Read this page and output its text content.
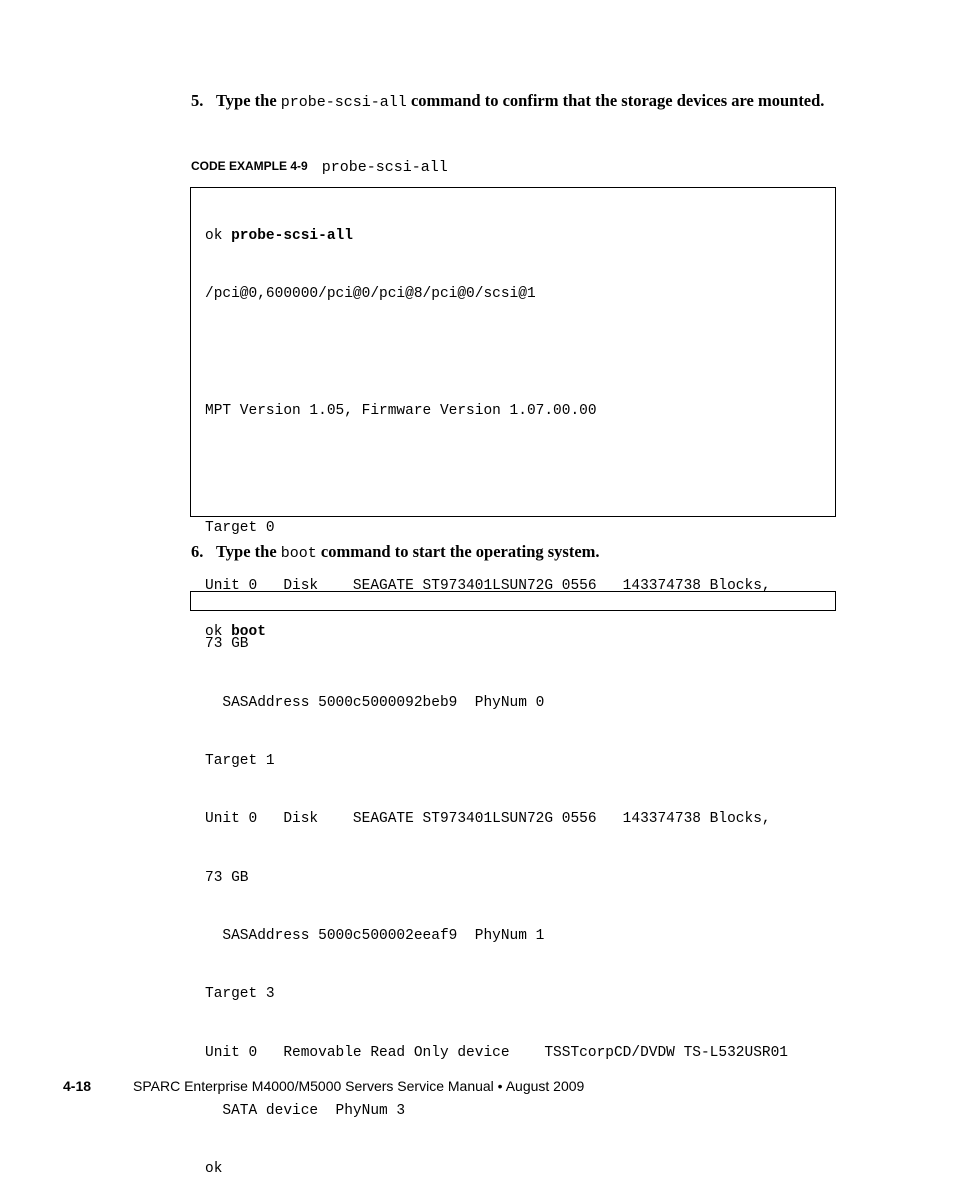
5. Type the probe-scsi-all command to confirm that the storage devices are mounted.
CODE EXAMPLE 4-9 probe-scsi-all

ok probe-scsi-all

/pci@0,600000/pci@0/pci@8/pci@0/scsi@1

MPT Version 1.05, Firmware Version 1.07.00.00

Target 0

Unit 0   Disk    SEAGATE ST973401LSUN72G 0556   143374738 Blocks,

73 GB

SASAddress 5000c5000092beb9  PhyNum 0

Target 1

Unit 0   Disk    SEAGATE ST973401LSUN72G 0556   143374738 Blocks,

73 GB

SASAddress 5000c500002eeaf9  PhyNum 1

Target 3

Unit 0   Removable Read Only device    TSSTcorpCD/DVDW TS-L532USR01

SATA device  PhyNum 3

ok

6. Type the boot command to start the operating system.

ok boot

4-18	SPARC Enterprise M4000/M5000 Servers Service Manual • August 2009
